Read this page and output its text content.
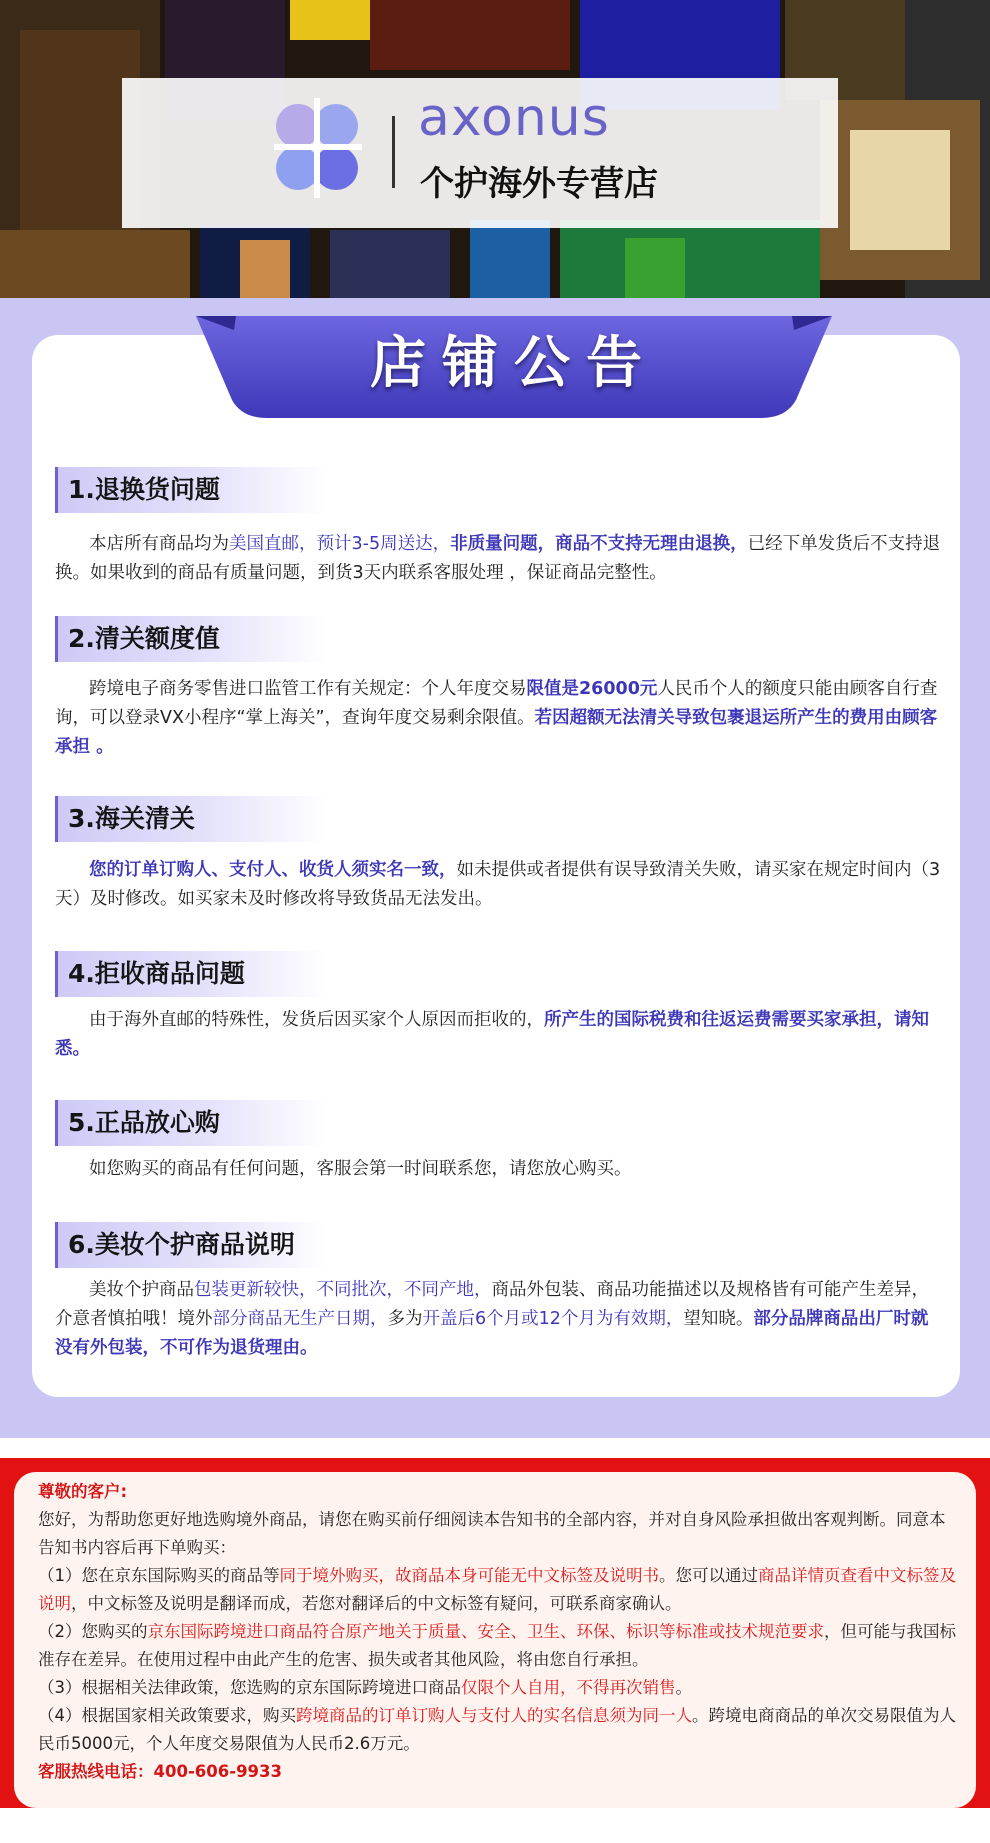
axonus
个护海外专营店
店铺公告
1.退换货问题
本店所有商品均为美国直邮，预计3-5周送达，非质量问题，商品不支持无理由退换，已经下单发货后不支持退换。如果收到的商品有质量问题，到货3天内联系客服处理 ，保证商品完整性。
2.清关额度值
跨境电子商务零售进口监管工作有关规定：个人年度交易限值是26000元人民币个人的额度只能由顾客自行查询，可以登录VX小程序“掌上海关”，查询年度交易剩余限值。若因超额无法清关导致包裹退运所产生的费用由顾客承担 。
3.海关清关
您的订单订购人、支付人、收货人须实名一致，如未提供或者提供有误导致清关失败，请买家在规定时间内（3天）及时修改。如买家未及时修改将导致货品无法发出。
4.拒收商品问题
由于海外直邮的特殊性，发货后因买家个人原因而拒收的，所产生的国际税费和往返运费需要买家承担，请知悉。
5.正品放心购
如您购买的商品有任何问题，客服会第一时间联系您，请您放心购买。
6.美妆个护商品说明
美妆个护商品包装更新较快，不同批次，不同产地，商品外包装、商品功能描述以及规格皆有可能产生差异，介意者慎拍哦！境外部分商品无生产日期，多为开盖后6个月或12个月为有效期，望知晓。部分品牌商品出厂时就没有外包装，不可作为退货理由。
尊敬的客户:
您好，为帮助您更好地选购境外商品，请您在购买前仔细阅读本告知书的全部内容，并对自身风险承担做出客观判断。同意本告知书内容后再下单购买：
（1）您在京东国际购买的商品等同于境外购买，故商品本身可能无中文标签及说明书。您可以通过商品详情页查看中文标签及说明，中文标签及说明是翻译而成，若您对翻译后的中文标签有疑问，可联系商家确认。
（2）您购买的京东国际跨境进口商品符合原产地关于质量、安全、卫生、环保、标识等标准或技术规范要求，但可能与我国标准存在差异。在使用过程中由此产生的危害、损失或者其他风险，将由您自行承担。
（3）根据相关法律政策，您选购的京东国际跨境进口商品仅限个人自用，不得再次销售。
（4）根据国家相关政策要求，购买跨境商品的订单订购人与支付人的实名信息须为同一人。跨境电商商品的单次交易限值为人民币5000元，个人年度交易限值为人民币2.6万元。
客服热线电话：400-606-9933
